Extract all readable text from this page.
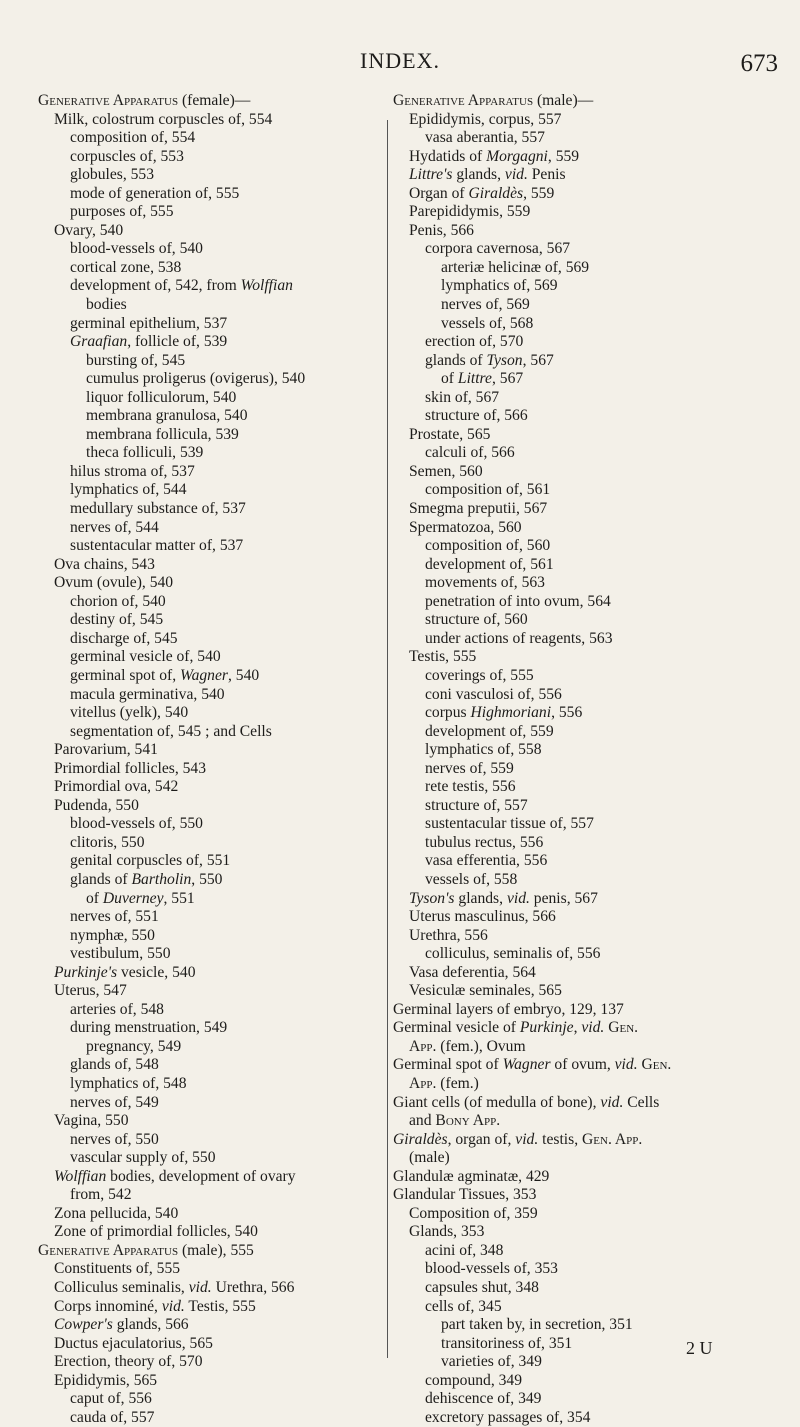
INDEX.	673
Generative Apparatus (female)—
Milk, colostrum corpuscles of, 554
composition of, 554
corpuscles of, 553
globules, 553
mode of generation of, 555
purposes of, 555
Ovary, 540
blood-vessels of, 540
cortical zone, 538
development of, 542, from Wolffian
bodies
germinal epithelium, 537
Graafian, follicle of, 539
bursting of, 545
cumulus proligerus (ovigerus), 540
liquor folliculorum, 540
membrana granulosa, 540
membrana follicula, 539
theca folliculi, 539
hilus stroma of, 537
lymphatics of, 544
medullary substance of, 537
nerves of, 544
sustentacular matter of, 537
Ova chains, 543
Ovum (ovule), 540
chorion of, 540
destiny of, 545
discharge of, 545
germinal vesicle of, 540
germinal spot of, Wagner, 540
macula germinativa, 540
vitellus (yelk), 540
segmentation of, 545 ; and Cells
Parovarium, 541
Primordial follicles, 543
Primordial ova, 542
Pudenda, 550
blood-vessels of, 550
clitoris, 550
genital corpuscles of, 551
glands of Bartholin, 550
of Duverney, 551
nerves of, 551
nymphæ, 550
vestibulum, 550
Purkinje's vesicle, 540
Uterus, 547
arteries of, 548
during menstruation, 549
pregnancy, 549
glands of, 548
lymphatics of, 548
nerves of, 549
Vagina, 550
nerves of, 550
vascular supply of, 550
Wolffian bodies, development of ovary
from, 542
Zona pellucida, 540
Zone of primordial follicles, 540
Generative Apparatus (male), 555
Constituents of, 555
Colliculus seminalis, vid. Urethra, 566
Corps innominé, vid. Testis, 555
Cowper's glands, 566
Ductus ejaculatorius, 565
Erection, theory of, 570
Epididymis, 565
caput of, 556
cauda of, 557
Generative Apparatus (male)—
Epididymis, corpus, 557
vasa aberantia, 557
Hydatids of Morgagni, 559
Littre's glands, vid. Penis
Organ of Giraldès, 559
Parepididymis, 559
Penis, 566
corpora cavernosa, 567
arteriæ helicinæ of, 569
lymphatics of, 569
nerves of, 569
vessels of, 568
erection of, 570
glands of Tyson, 567
of Littre, 567
skin of, 567
structure of, 566
Prostate, 565
calculi of, 566
Semen, 560
composition of, 561
Smegma preputii, 567
Spermatozoa, 560
composition of, 560
development of, 561
movements of, 563
penetration of into ovum, 564
structure of, 560
under actions of reagents, 563
Testis, 555
coverings of, 555
coni vasculosi of, 556
corpus Highmoriani, 556
development of, 559
lymphatics of, 558
nerves of, 559
rete testis, 556
structure of, 557
sustentacular tissue of, 557
tubulus rectus, 556
vasa efferentia, 556
vessels of, 558
Tyson's glands, vid. penis, 567
Uterus masculinus, 566
Urethra, 556
colliculus, seminalis of, 556
Vasa deferentia, 564
Vesiculæ seminales, 565
Germinal layers of embryo, 129, 137
Germinal vesicle of Purkinje, vid. Gen.
App. (fem.), Ovum
Germinal spot of Wagner of ovum, vid. Gen.
App. (fem.)
Giant cells (of medulla of bone), vid. Cells
and Bony App.
Giraldès, organ of, vid. testis, Gen. App.
(male)
Glandulæ agminatæ, 429
Glandular Tissues, 353
Composition of, 359
Glands, 353
acini of, 348
blood-vessels of, 353
capsules shut, 348
cells of, 345
part taken by, in secretion, 351
transitoriness of, 351
varieties of, 349
compound, 349
dehiscence of, 349
excretory passages of, 354
2 U
